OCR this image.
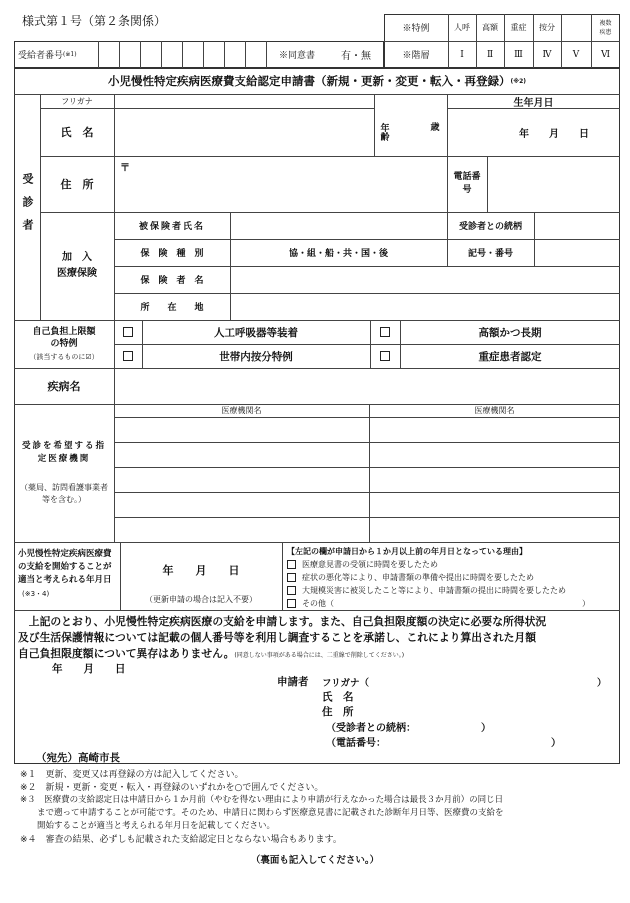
様式第１号（第２条関係）
※特例	人呼	高額	重症	按分	複数
疾患
※階層	Ⅰ	Ⅱ	Ⅲ	Ⅳ	Ⅴ	Ⅵ
受給者番号 (※1)	※同意書	有・無
小児慢性特定疾病医療費支給認定申請書（新規・更新・変更・転入・再登録） (※2)
受診者
フリガナ	生年月日
氏　名	年齢	歳
年　　月　　日
住　所
〒
電話番号
加　入
医療保険
被保険者氏名	受診者との続柄
保　険　種　別	協・組・船・共・国・後	記号・番号
保　険　者　名
所　　在　　地
自己負担上限額
の特例
（該当するものに☑）
人工呼吸器等装着	高額かつ長期
世帯内按分特例	重症患者認定
疾病名
受診を希望する指定医療機関
（薬局、訪問看護事業者等を含む。）
医療機関名	医療機関名
小児慢性特定疾病医療費の支給を開始することが適当と考えられる年月日
(※3・4)
年　　月　　日
（更新申請の場合は記入不要）
【左記の欄が申請日から１か月以上前の年月日となっている理由】
医療意見書の受領に時間を要したため
症状の悪化等により、申請書類の準備や提出に時間を要したため
大規模災害に被災したこと等により、申請書類の提出に時間を要したため
その他（　　　　　　　　　　　　　　　　　　　　　　　　　　　　　　　）
　上記のとおり、小児慢性特定疾病医療の支給を申請します。また、自己負担限度額の決定に必要な所得状況
及び生活保護情報については記載の個人番号等を利用し調査することを承諾し、これにより算出された月額
自己負担限度額について異存はありません。(同意しない事項がある場合には、二重線で削除してください。)
年　　月　　日
申請者 フリガナ（　　　　　　　　　　　　　　　　　　　　　　　　）
氏　名
住　所
（受診者との続柄：　　　　　　　）
（電話番号：　　　　　　　　　　　　　　　　　）
（宛先）高崎市長
※１　更新、変更又は再登録の方は記入してください。
※２　新規・更新・変更・転入・再登録のいずれかを○で囲んでください。
※３　医療費の支給認定日は申請日から１か月前（やむを得ない理由により申請が行えなかった場合は最長３か月前）の同じ日
　　まで遡って申請することが可能です。そのため、申請日に関わらず医療意見書に記載された診断年月日等、医療費の支給を
　　開始することが適当と考えられる年月日を記載してください。
※４　審査の結果、必ずしも記載された支給認定日とならない場合もあります。
（裏面も記入してください。）
